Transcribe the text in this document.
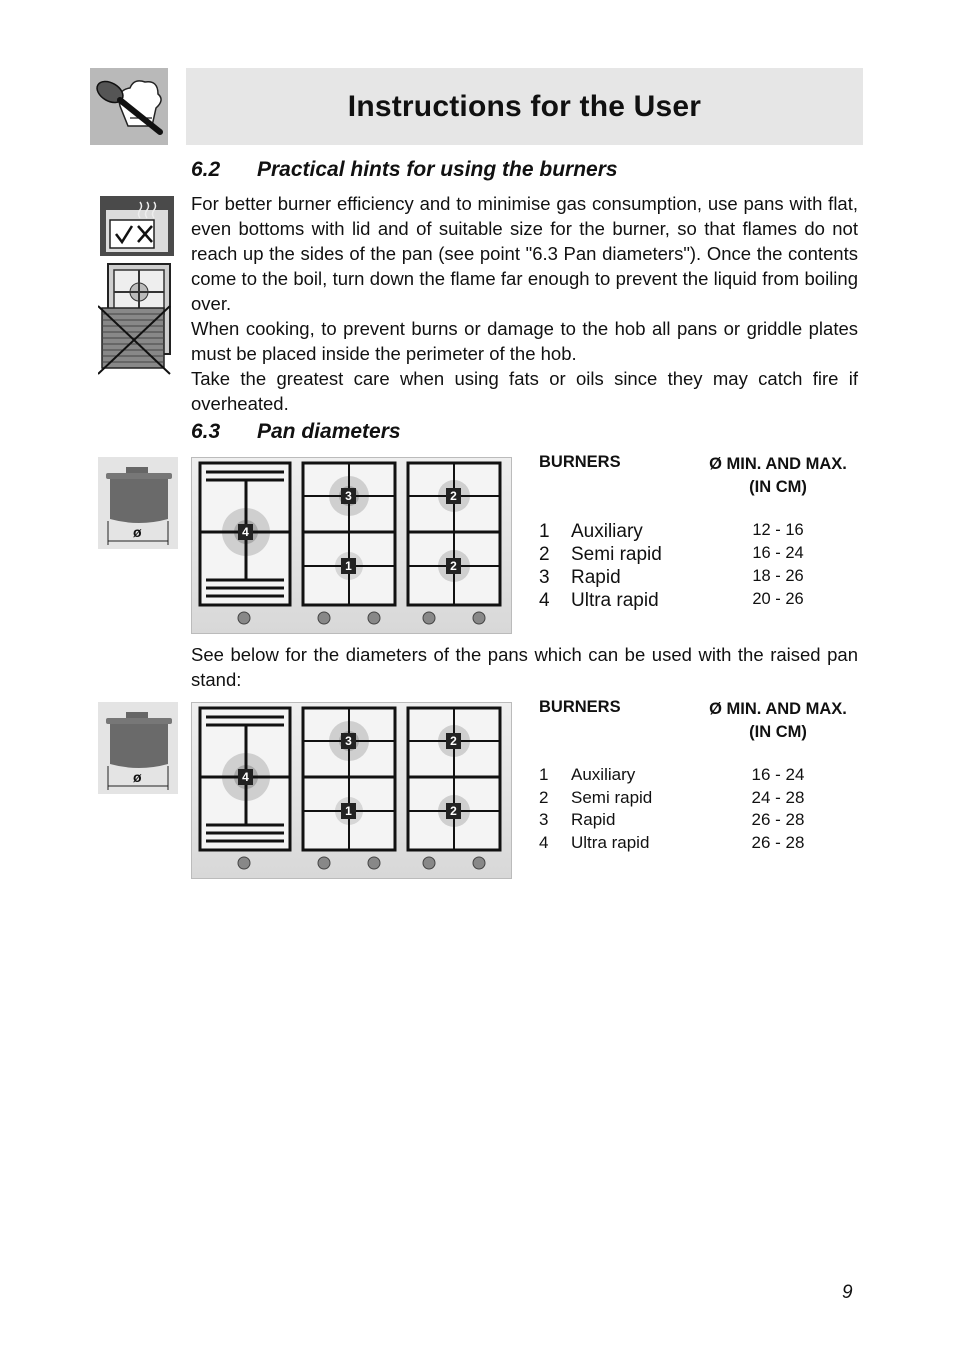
Instructions for the User
6.2 Practical hints for using the burners

For better burner efficiency and to minimise gas consumption, use pans with flat, even bottoms with lid and of suitable size for the burner, so that flames do not reach up the sides of the pan (see point "6.3 Pan diameters"). Once the contents come to the boil, turn down the flame far enough to prevent the liquid from boiling over.

When cooking, to prevent burns or damage to the hob all pans or griddle plates must be placed inside the perimeter of the hob.

Take the greatest care when using fats or oils since they may catch fire if overheated.

6.3 Pan diameters
ø	4
3
1
2
2
BURNERS	Ø MIN. AND MAX.
(IN CM)
1 Auxiliary	12 - 16
2 Semi rapid	16 - 24
3 Rapid	18 - 26
4 Ultra rapid	20 - 26

See below for the diameters of the pans which can be used with the raised pan stand:

ø	4
3
1
2
2
BURNERS	Ø MIN. AND MAX.
(IN CM)
1 Auxiliary	16 - 24
2 Semi rapid	24 - 28
3 Rapid	26 - 28
4 Ultra rapid	26 - 28
9
